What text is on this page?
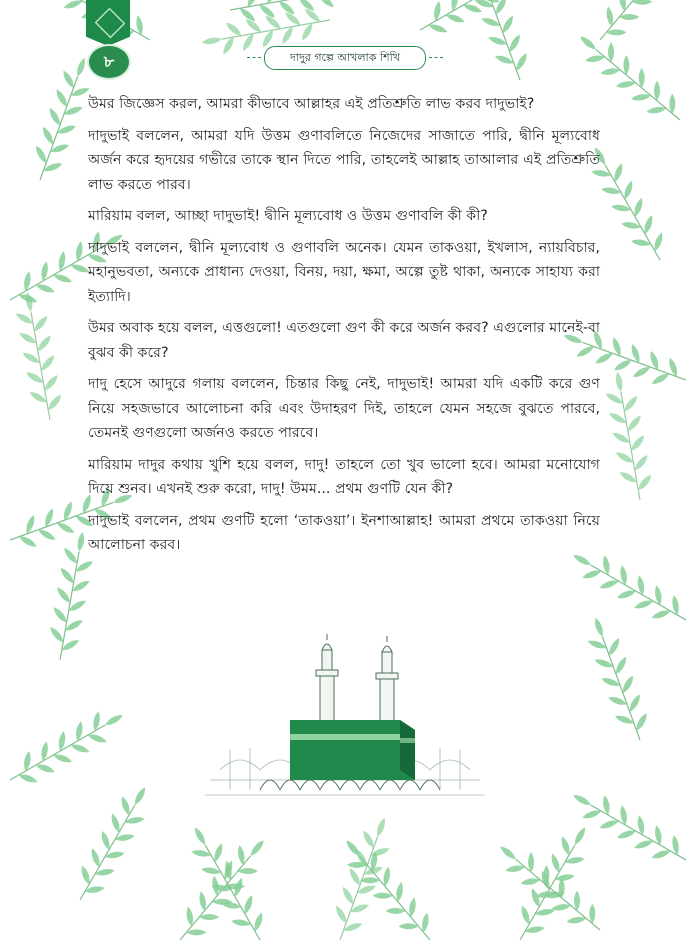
৮	দাদুর গল্পে আখলাক শিখি

উমর জিজ্ঞেস করল, আমরা কীভাবে আল্লাহর এই প্রতিশ্রুতি লাভ করব দাদুভাই?

দাদুভাই বললেন, আমরা যদি উত্তম গুণাবলিতে নিজেদের সাজাতে পারি, দ্বীনি মূল্যবোধ অর্জন করে হৃদয়ের গভীরে তাকে স্থান দিতে পারি, তাহলেই আল্লাহ তাআলার এই প্রতিশ্রুতি লাভ করতে পারব।

মারিয়াম বলল, আচ্ছা দাদুভাই! দ্বীনি মূল্যবোধ ও উত্তম গুণাবলি কী কী?

দাদুভাই বললেন, দ্বীনি মূল্যবোধ ও গুণাবলি অনেক। যেমন তাকওয়া, ইখলাস, ন্যায়বিচার, মহানুভবতা, অন্যকে প্রাধান্য দেওয়া, বিনয়, দয়া, ক্ষমা, অল্পে তুষ্ট থাকা, অন্যকে সাহায্য করা ইত্যাদি।

উমর অবাক হয়ে বলল, এত্তগুলো! এতগুলো গুণ কী করে অর্জন করব? এগুলোর মানেই-বা বুঝব কী করে?

দাদু হেসে আদুরে গলায় বললেন, চিন্তার কিছু নেই, দাদুভাই! আমরা যদি একটি করে গুণ নিয়ে সহজভাবে আলোচনা করি এবং উদাহরণ দিই, তাহলে যেমন সহজে বুঝতে পারবে, তেমনই গুণগুলো অর্জনও করতে পারবে।

মারিয়াম দাদুর কথায় খুশি হয়ে বলল, দাদু! তাহলে তো খুব ভালো হবে। আমরা মনোযোগ দিয়ে শুনব। এখনই শুরু করো, দাদু! উমম... প্রথম গুণটি যেন কী?

দাদুভাই বললেন, প্রথম গুণটি হলো ‘তাকওয়া’। ইনশাআল্লাহ! আমরা প্রথমে তাকওয়া নিয়ে আলোচনা করব।
